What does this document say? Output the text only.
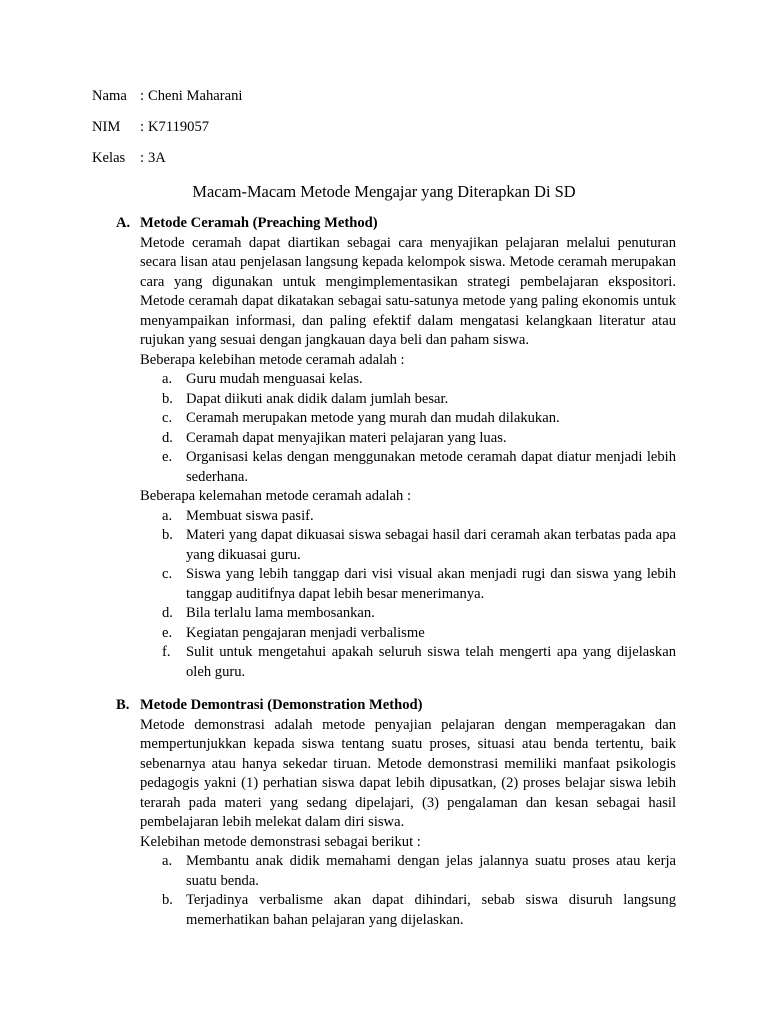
Nama : Cheni Maharani
NIM : K7119057
Kelas : 3A
Macam-Macam Metode Mengajar yang Diterapkan Di SD
A. Metode Ceramah (Preaching Method)

Metode ceramah dapat diartikan sebagai cara menyajikan pelajaran melalui penuturan secara lisan atau penjelasan langsung kepada kelompok siswa. Metode ceramah merupakan cara yang digunakan untuk mengimplementasikan strategi pembelajaran ekspositori. Metode ceramah dapat dikatakan sebagai satu-satunya metode yang paling ekonomis untuk menyampaikan informasi, dan paling efektif dalam mengatasi kelangkaan literatur atau rujukan yang sesuai dengan jangkauan daya beli dan paham siswa.

Beberapa kelebihan metode ceramah adalah :

a. Guru mudah menguasai kelas.
b. Dapat diikuti anak didik dalam jumlah besar.
c. Ceramah merupakan metode yang murah dan mudah dilakukan.
d. Ceramah dapat menyajikan materi pelajaran yang luas.
e. Organisasi kelas dengan menggunakan metode ceramah dapat diatur menjadi lebih sederhana.

Beberapa kelemahan metode ceramah adalah :

a. Membuat siswa pasif.
b. Materi yang dapat dikuasai siswa sebagai hasil dari ceramah akan terbatas pada apa yang dikuasai guru.
c. Siswa yang lebih tanggap dari visi visual akan menjadi rugi dan siswa yang lebih tanggap auditifnya dapat lebih besar menerimanya.
d. Bila terlalu lama membosankan.
e. Kegiatan pengajaran menjadi verbalisme
f. Sulit untuk mengetahui apakah seluruh siswa telah mengerti apa yang dijelaskan oleh guru.
B. Metode Demontrasi (Demonstration Method)

Metode demonstrasi adalah metode penyajian pelajaran dengan memperagakan dan mempertunjukkan kepada siswa tentang suatu proses, situasi atau benda tertentu, baik sebenarnya atau hanya sekedar tiruan. Metode demonstrasi memiliki manfaat psikologis pedagogis yakni (1) perhatian siswa dapat lebih dipusatkan, (2) proses belajar siswa lebih terarah pada materi yang sedang dipelajari, (3) pengalaman dan kesan sebagai hasil pembelajaran lebih melekat dalam diri siswa.

Kelebihan metode demonstrasi sebagai berikut :

a. Membantu anak didik memahami dengan jelas jalannya suatu proses atau kerja suatu benda.
b. Terjadinya verbalisme akan dapat dihindari, sebab siswa disuruh langsung memerhatikan bahan pelajaran yang dijelaskan.
